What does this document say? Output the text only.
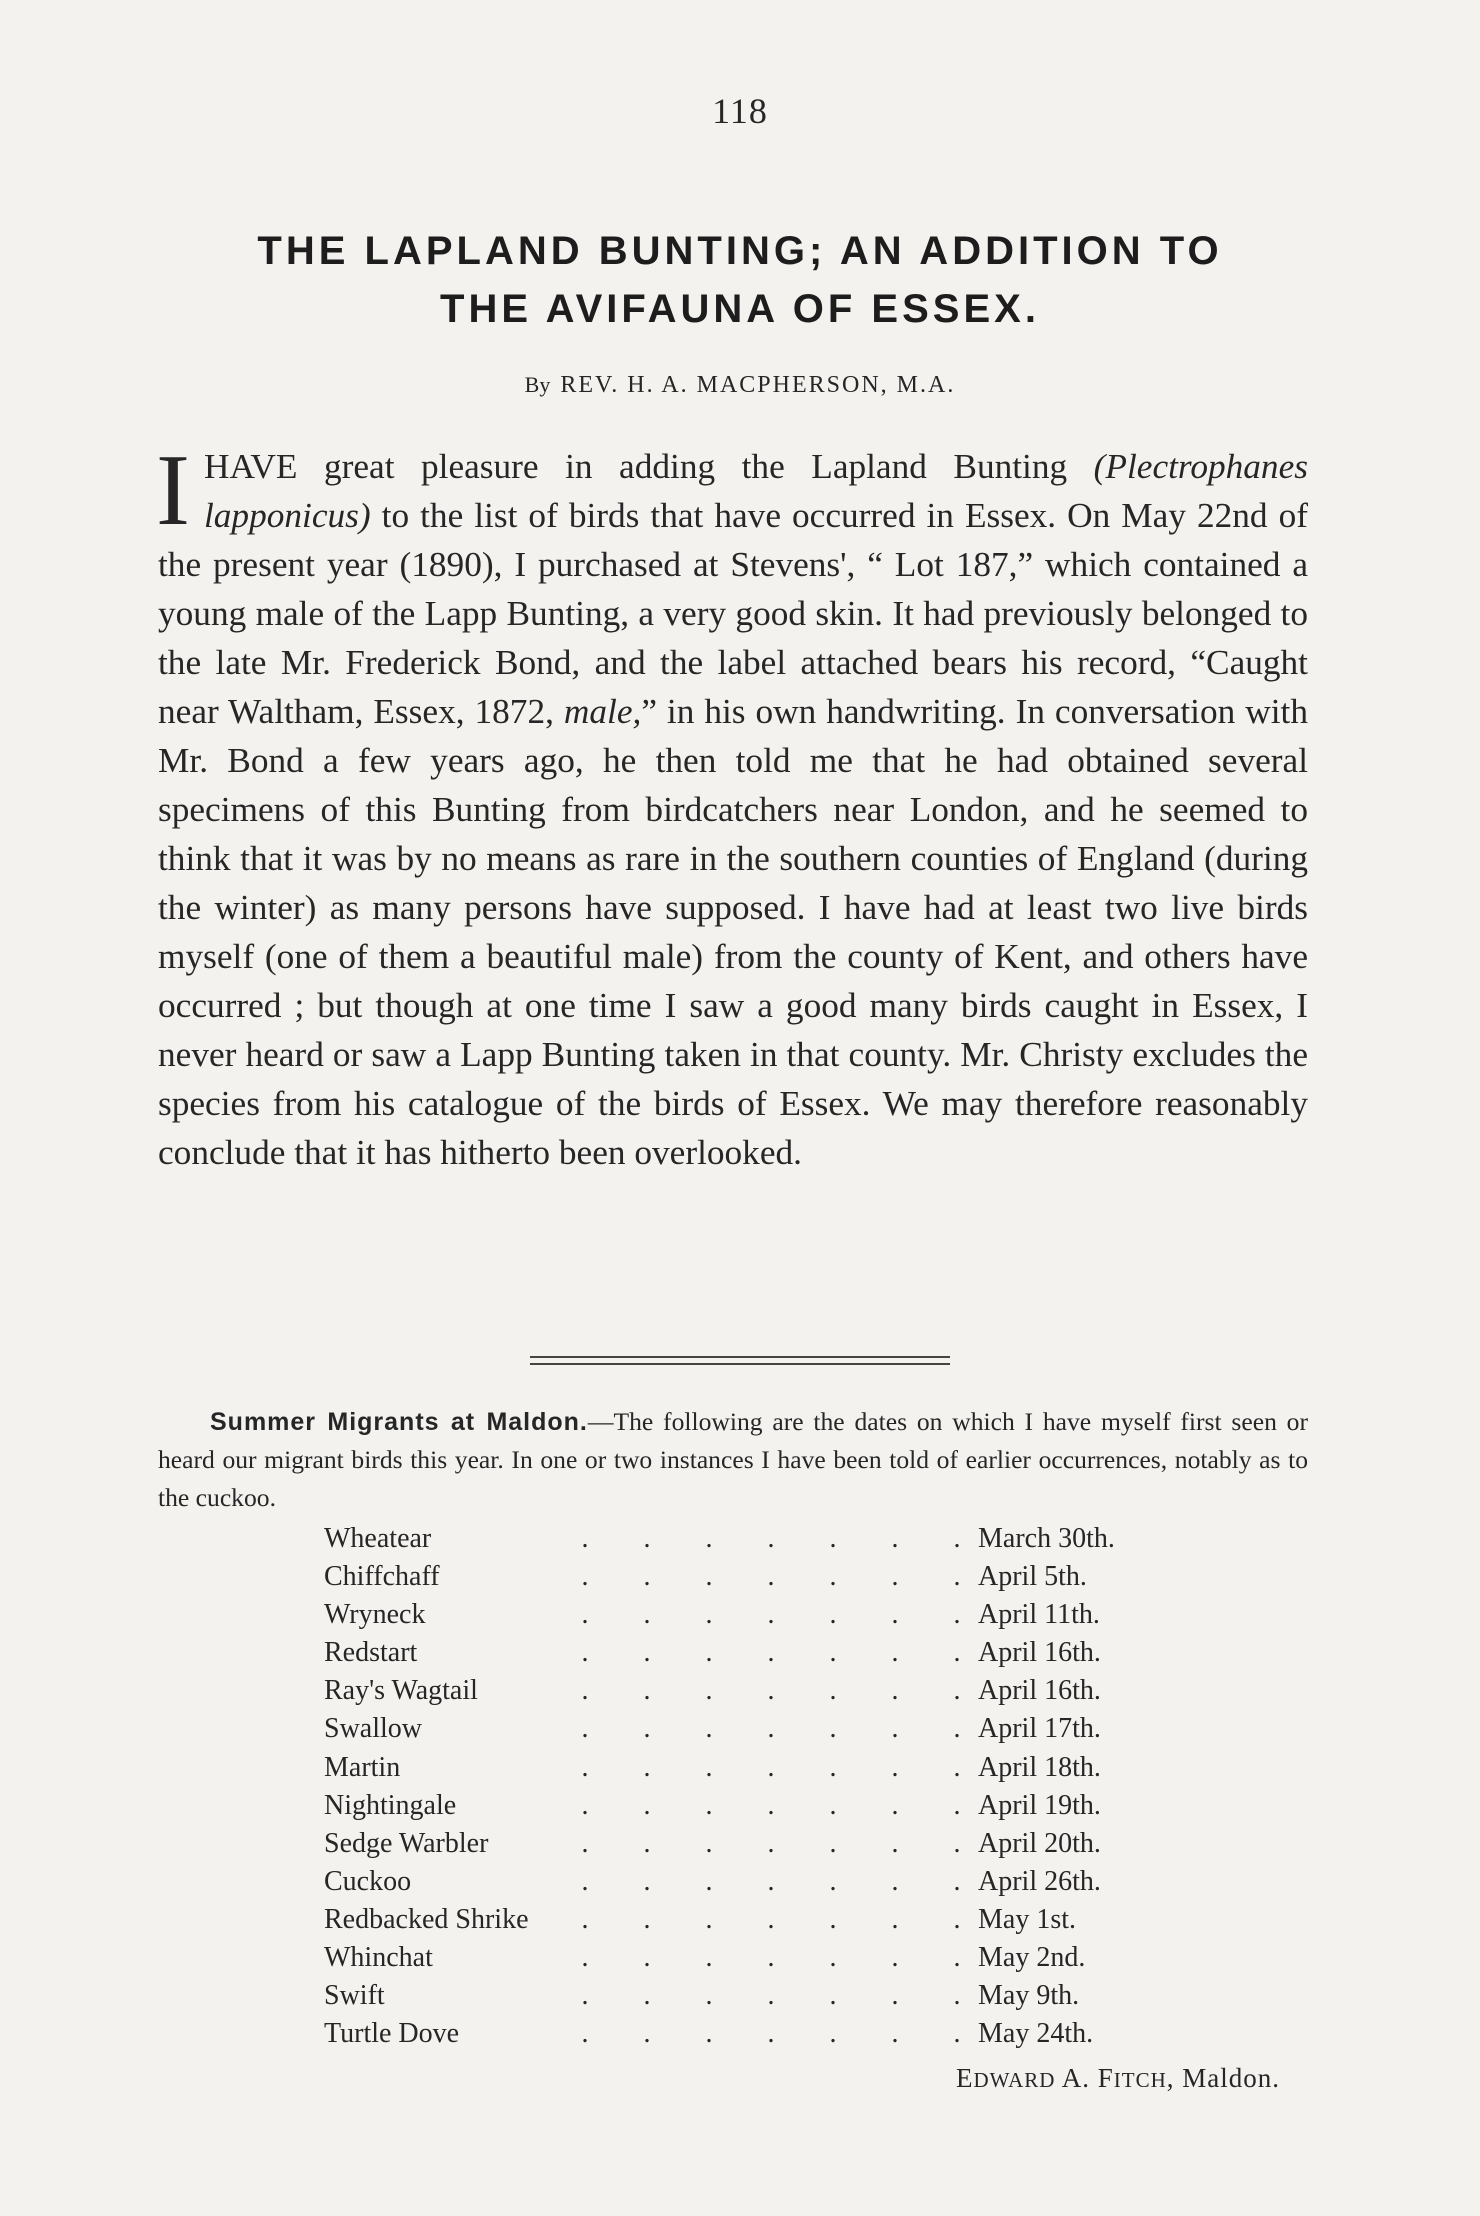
118
THE LAPLAND BUNTING; AN ADDITION TO
THE AVIFAUNA OF ESSEX.
By REV. H. A. MACPHERSON, M.A.

I HAVE great pleasure in adding the Lapland Bunting (Plectrophanes lapponicus) to the list of birds that have occurred in Essex. On May 22nd of the present year (1890), I purchased at Stevens', “ Lot 187,” which contained a young male of the Lapp Bunting, a very good skin. It had previously belonged to the late Mr. Frederick Bond, and the label attached bears his record, “Caught near Waltham, Essex, 1872, male,” in his own handwriting. In conversation with Mr. Bond a few years ago, he then told me that he had obtained several specimens of this Bunting from birdcatchers near London, and he seemed to think that it was by no means as rare in the southern counties of England (during the winter) as many persons have supposed. I have had at least two live birds myself (one of them a beautiful male) from the county of Kent, and others have occurred ; but though at one time I saw a good many birds caught in Essex, I never heard or saw a Lapp Bunting taken in that county. Mr. Christy excludes the species from his catalogue of the birds of Essex. We may therefore reasonably conclude that it has hitherto been overlooked.

Summer Migrants at Maldon.—The following are the dates on which I have myself first seen or heard our migrant birds this year. In one or two instances I have been told of earlier occurrences, notably as to the cuckoo.

. . . . . . .
Wheatear	March 30th.
. . . . . . .
Chiffchaff	April 5th.
. . . . . . .
Wryneck	April 11th.
. . . . . . .
Redstart	April 16th.
. . . . . . .
Ray's Wagtail	April 16th.
. . . . . . .
Swallow	April 17th.
. . . . . . .
Martin	April 18th.
. . . . . . .
Nightingale	April 19th.
. . . . . . .
Sedge Warbler	April 20th.
. . . . . . .
Cuckoo	April 26th.
. . . . . . .
Redbacked Shrike	May 1st.
. . . . . . .
Whinchat	May 2nd.
. . . . . . .
Swift	May 9th.
. . . . . . .
Turtle Dove	May 24th.
EDWARD A. FITCH, Maldon.
